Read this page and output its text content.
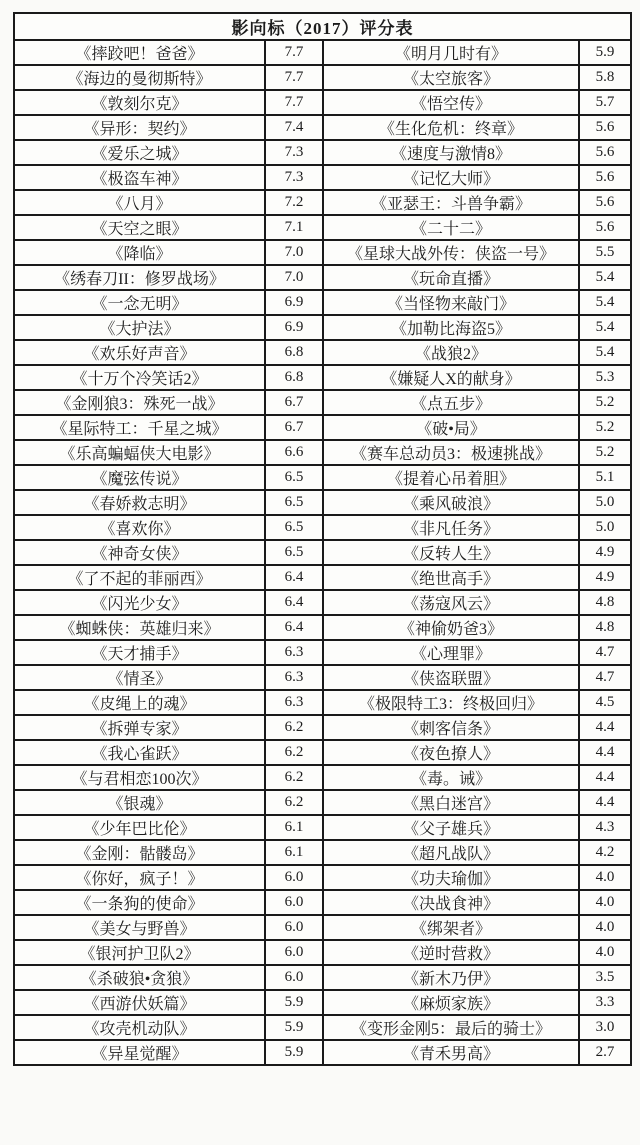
影向标（2017）评分表			
《摔跤吧！爸爸》	7.7	《明月几时有》	5.9
《海边的曼彻斯特》	7.7	《太空旅客》	5.8
《敦刻尔克》	7.7	《悟空传》	5.7
《异形：契约》	7.4	《生化危机：终章》	5.6
《爱乐之城》	7.3	《速度与激情8》	5.6
《极盗车神》	7.3	《记忆大师》	5.6
《八月》	7.2	《亚瑟王：斗兽争霸》	5.6
《天空之眼》	7.1	《二十二》	5.6
《降临》	7.0	《星球大战外传：侠盗一号》	5.5
《绣春刀II：修罗战场》	7.0	《玩命直播》	5.4
《一念无明》	6.9	《当怪物来敲门》	5.4
《大护法》	6.9	《加勒比海盗5》	5.4
《欢乐好声音》	6.8	《战狼2》	5.4
《十万个冷笑话2》	6.8	《嫌疑人X的献身》	5.3
《金刚狼3：殊死一战》	6.7	《点五步》	5.2
《星际特工：千星之城》	6.7	《破•局》	5.2
《乐高蝙蝠侠大电影》	6.6	《赛车总动员3：极速挑战》	5.2
《魔弦传说》	6.5	《提着心吊着胆》	5.1
《春娇救志明》	6.5	《乘风破浪》	5.0
《喜欢你》	6.5	《非凡任务》	5.0
《神奇女侠》	6.5	《反转人生》	4.9
《了不起的菲丽西》	6.4	《绝世高手》	4.9
《闪光少女》	6.4	《荡寇风云》	4.8
《蜘蛛侠：英雄归来》	6.4	《神偷奶爸3》	4.8
《天才捕手》	6.3	《心理罪》	4.7
《情圣》	6.3	《侠盗联盟》	4.7
《皮绳上的魂》	6.3	《极限特工3：终极回归》	4.5
《拆弹专家》	6.2	《刺客信条》	4.4
《我心雀跃》	6.2	《夜色撩人》	4.4
《与君相恋100次》	6.2	《毒。诫》	4.4
《银魂》	6.2	《黑白迷宫》	4.4
《少年巴比伦》	6.1	《父子雄兵》	4.3
《金刚：骷髅岛》	6.1	《超凡战队》	4.2
《你好，疯子！》	6.0	《功夫瑜伽》	4.0
《一条狗的使命》	6.0	《决战食神》	4.0
《美女与野兽》	6.0	《绑架者》	4.0
《银河护卫队2》	6.0	《逆时营救》	4.0
《杀破狼•贪狼》	6.0	《新木乃伊》	3.5
《西游伏妖篇》	5.9	《麻烦家族》	3.3
《攻壳机动队》	5.9	《变形金刚5：最后的骑士》	3.0
《异星觉醒》	5.9	《青禾男高》	2.7
